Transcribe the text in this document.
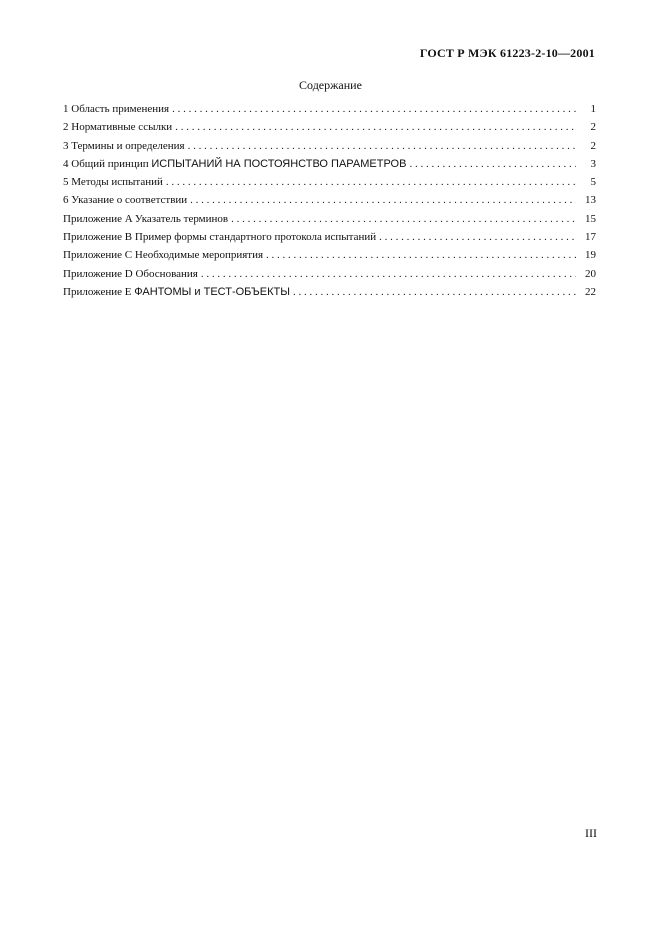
ГОСТ Р МЭК 61223-2-10—2001
Содержание
1 Область применения . . .	1
2 Нормативные ссылки . . .	2
3 Термины и определения . . .	2
4 Общий принцип ИСПЫТАНИЙ НА ПОСТОЯНСТВО ПАРАМЕТРОВ . . .	3
5 Методы испытаний . . .	5
6 Указание о соответствии . . .	13
Приложение A Указатель терминов . . .	15
Приложение B Пример формы стандартного протокола испытаний . . .	17
Приложение C Необходимые мероприятия . . .	19
Приложение D Обоснования . . .	20
Приложение E ФАНТОМЫ и ТЕСТ-ОБЪЕКТЫ . . .	22
III
